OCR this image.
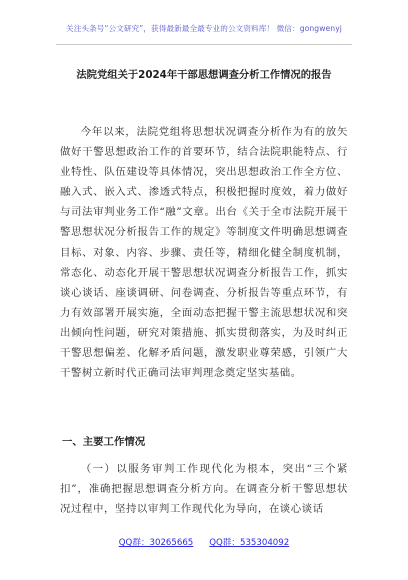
关注头条号“公文研究”，获得最新最全最专业的公文资料库！ 微信：gongwenyj
法院党组关于2024年干部思想调查分析工作情况的报告

今年以来，法院党组将思想状况调查分析作为有的放矢做好干警思想政治工作的首要环节，结合法院职能特点、行业特性、队伍建设等具体情况，突出思想政治工作全方位、融入式、嵌入式、渗透式特点，积极把握时度效，着力做好与司法审判业务工作“融”文章。出台《关于全市法院开展干警思想状况分析报告工作的规定》等制度文件明确思想调查目标、对象、内容、步骤、责任等，精细化健全制度机制，常态化、动态化开展干警思想状况调查分析报告工作，抓实谈心谈话、座谈调研、问卷调查、分析报告等重点环节，有力有效部署开展实施，全面动态把握干警主流思想状况和突出倾向性问题，研究对策措施、抓实贯彻落实，为及时纠正干警思想偏差、化解矛盾问题，激发职业尊荣感，引领广大干警树立新时代正确司法审判理念奠定坚实基础。

一、主要工作情况

（一）以服务审判工作现代化为根本，突出“三个紧扣”，准确把握思想调查分析方向。在调查分析干警思想状况过程中，坚持以审判工作现代化为导向，在谈心谈话

QQ群：30265665 QQ群：535304092
